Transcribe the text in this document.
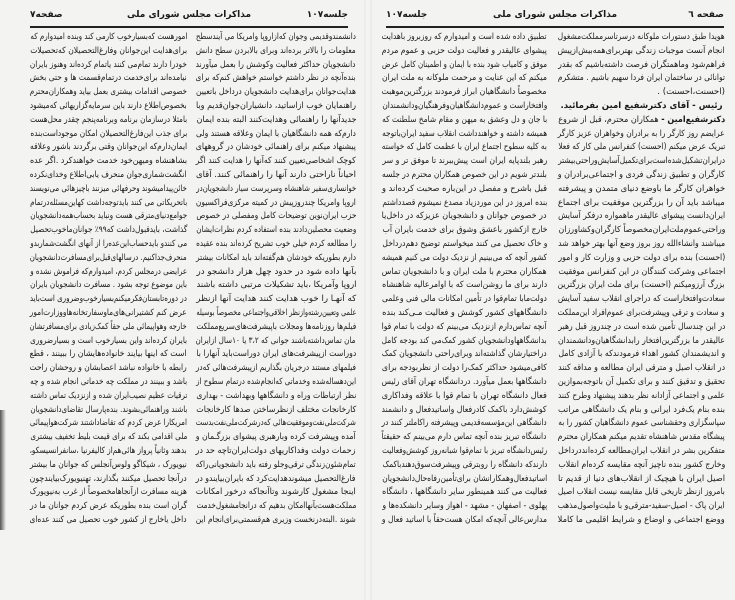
جلسه۱۰۷
مذاکرات مجلس شورای ملی
صفحه۷	صفحه ٦
مذاکرات مجلس شورای ملی
جلسه۱۰۷
امورهست که‌بسیارخوب کارمی کند وبنده امیدوارم که
برای‌هدایت این‌جوانان وفارغ‌التحصیلان که‌تحصیلات
خودرا دارند تمام‌می کنند یاتمام کرده‌اند وهنوز بایران
نیامده‌اند برای‌خدمت درتمام‌قسمت ها و حتی بخش
خصوصی اقدامات بیشتری بعمل بیاید وهمکاران‌محترم
بخصوص‌اطلاع دارند باین سرمایه‌گزاریهائی که‌میشود
بامثلا درسازمان برنامه وبرنامه‌پنجم چقدر محل‌هست
برای جذب این‌فارغ‌التحصیلان امکان موجوداست‌بنده
ایمان‌دارم‌که این‌جوانان وقتی برگردند باشور وعلاقه
بشاهنشاه ومیهن‌خود خدمت خواهندکرد .اگر عده
انگشت‌شماری‌جوان منحرف یابی‌اطلاع وخدای‌نکرده
خائن‌پیدامیشوند وحرفهائی میزنند باچیزهائی می‌نویسند
باتحریکاتی می کنند بایدتوجه‌داشت کهاین‌مسئله‌درتمام
جوامع‌دنیای‌مترقی هست ونباید بحساب‌همه‌دانشجویان
گذاشت، بایدقبول‌داشت که۹۹٪ جوانان‌ماخوب‌تحصیل
می کنندو بایدحساب‌این‌عده‌را از آنهای انگشت‌شماربدو
منحرف‌جداکنیم. درسالهای‌قبل‌برای‌مسافرت‌دانشجویان
عرایضی درمجلس کردم، امیدوارم‌که فراموش نشده و
باین موضوع توجه بشود . مسافرت دانشجویان بایران
در دوره‌تابستان‌فکرمیکنم‌بسیارخوب‌وضروری است‌باید
عرض کنم کشتیرانی‌های‌ماوسفارتخانه‌هاووزارت‌امور
خارجه وهواپیمائی ملی حقاً کمک‌زیادی برای‌مسافرتشان
بایران کرده‌اند واین بسیارخوب است و بسیارضروری
است که اینها بیایند خانواده‌هایشان را ببینند ، قطع
رابطه با خانواده نباشد اعصابشان و روحشان راحت
باشد و ببینند در مملکت چه خدماتی انجام شده و چه
ترقیات عظیم نصیب‌ایران شده و ازنزدیک تماس داشته
باشند وراهنمائی‌بشوند. بنده‌پارسال تقاضای‌دانشجویان
امریکارا عرض کردم که تقاضاداشتند شرکت‌هواپیمائی
ملی اقدامی بکند که برای قیمت بلیط تخفیف بیشتری
بدهند وثانیاً پرواز هائی‌هم‌از کالیفرنیا ،سانفرانسیسکو،
نیویورک ، شیکاگو ولوس‌آنجلس که جوانان ما بیشتر
درآنجا تحصیل میکنند بگذارند، تهنیویورک‌بیایند‌چون
هزینه مسافرت ازآنجاها‌مخصوصاً از غرب به‌نیویورک
گران است بنده بطوریکه عرض کردم جوانان ما در
داخل یاخارج از کشور خوب تحصیل می کنند عده‌ای
دانشمندوقدیمی وجوان که‌ازاروپا وامریکا می آیندسطح
معلومات را بالاتر برده‌اند وبرای بالابردن سطح دانش
دانشجویان حداکثر فعالیت وکوشش را بعمل میآورند
بنده‌آنچه در نظر داشتم خواستم خواهش کنم‌که برای
هدایت‌جوانان برای‌هدایت دانشجویان درداخل باتعیین
راهنمایان خوب ازاساتید، دانشیاران‌جوان‌قدیم وبا
جدیدآنها را راهنمائی وهدایت‌کنند البته بنده ایمان
دارم‌که همه دانشگاهیان با ایمان وعلاقه هستند ولی
پیشنهاد میکنم برای راهنمائی خودشان در گروههای
کوچک اشخاصی‌تعیین کنند که‌آنها را هدایت کنند اگر
احیاناً ناراحتی دارند آنها را راهنمائی کنند. آقای
خوانساری‌سفیر شاهنشاه وسرپرست سیار دانشجویان‌در
اروپا وامریکا چندروزپیش در کمیته مرکزی‌فراکسیون
حزب ایران‌نوین توضیحات کامل ومفصلی در خصوص
وضعیت محصلین‌دادند بنده استفاده کردم نظرات‌ایشان
را مطالعه کردم خیلی خوب تشریح کرده‌اند بنده عقیده
دارم بطوریکه خودشان هم‌گفته‌اند باید امکانات بیشتر
بآنها داده شود در حدود چهل هزار دانشجو در
اروپا وآمریکا ،باید تشکیلات مرتبی داشته باشند
که آنهـا را خوب هدایت کنند هدایت آنها ازنظر
علمی وتعیین‌رشته‌وازنظر اخلاقی‌واجتماعی مخصوصاً بوسیله
فیلم‌ها روزنامه‌ها ومجلات باپیشرفت‌های‌سریع‌مملکت
مان تماس‌داشته‌باشند جوانی که ۳،۲ یا ۱۰سال ازایران
دوراست ازپیشرفت‌های ایران دوراست‌باید آنهارا با
فیلمهای مستند درجریان بگذاریم ازپیشرفت‌هائی که‌در
این‌دهساله‌شده وخدماتی که‌انجام‌شده درتمام سطوح از
نظر ارتباطات وراه و دانشگاهها وبهداشت - بهداری
کارخانجات مختلف ازنظرساختن صدها کارخانجات
شرکت‌ملی‌نفت‌وموفقیت‌هائی که‌درشرکت‌ملی‌نفت‌بدست
آمده وپیشرفت کرده وبارهبری پیشوای بزرگـمان و
زحمات دولت وفداکاریهای دولت‌ایران‌تاچه حد در
تمام‌شئون‌زندگی ترقی‌وجلو رفته باید دانشجویانی‌راکه
فارغ‌التحصیل میشوندهدایت‌کرد که بایران‌بیایند‌و در
اینجا مشغول کارشوند وتاآنجاکه درخور امکانات
مملکت‌هست‌بآنهاامکان بدهیم که درانجامشغول‌خدمت
شوند .البته‌درنخست وزیری هم‌قسمتی‌برای‌انجام این
تطبیق داده شده است و امیدوارم که روزبروز باهدایت
پیشوای عالیقدر و فعالیت دولت حزبی و عموم مردم
موفق و کامیاب شود بنده با ایمان و اطمینان کامل عرض
میکنم که این عنایت و مرحمت ملوکانه به ملت ایران
مخصوصاً دانشگاهیان ابراز فرمودند بزرگترین‌موهبت
وافتخاراست و عموم‌دانشگاهیان‌وفرهنگیان‌ودانشمندان
با جان و دل وعشق به میهن و مقام شامخ سلطنت که
همیشه داشته و خواهندداشت انقلاب سفید ایران‌باتوجه
به کلیه سطوح اجتماع ایران با عظمت کامل که خواسته
رهبر بلندپایه ایران است پیش‌ببرند تا موفق تر و سر
بلندتر شویم در این خصوص همکاران محترم در جلسه
قبل باشرح و مفصل در این‌باره صحبت کرده‌اند و
بنده امروز در این موردزیاد مصدع نمیشوم قصدداشتم
در خصوص جوانان و دانشجویان عزیزکه در داخل‌یا
خارج ازکشور باعشق وشوق برای خدمت بایران آب
و خاک تحصیل می کنند میخواستم توضیح دهم‌درداخل
کشور آنچه که می‌بینیم از نزدیک دولت می کنیم همیشه
همکاران محترم با ملت ایران و با دانشجویان تماس
دارند برای ما روشن‌است که با اوامرعالیه شاهنشاه
دولت‌مابا تمام‌قوا در تأمین امکانات مالی فنی وعلمی
دانشگاههای کشور کوشش و فعالیت مـی‌کند بنده
آنچه تماس‌دارم ازنزدیک می‌بینم که دولت با تمام قوا
بدانشگاهها‌ودانشجویان کشور کمک‌می کند بودجه کامل
دراختیارشان گذاشته‌اند وبرای‌راحتی دانشجویان کمک
کافی‌میشود حداکثر کمک‌را دولت از نظربودجه برای
دانشگاهها بعمل میآورد. دردانشگاه تهران آقای رئیس
فعال دانشگاه تهران با تمام قوا با علاقه وفداکاری
کوشش‌دارد باکمک کادرفعال واساتیدفعال و دانشمند
دانشگاهی این‌مؤسسه‌قدیمی وپیشرفته راکاملتر کنند در
دانشگاه تبریز بنده آنچه تماس دارم می‌بینم که حقیقتاً
رئیس‌دانشگاه تبریز با تمام‌قوا شبانه‌روز کوشش‌وفعالیت
دارند‌که دانشگاه را روبترقی وپیشرفت‌سوق‌دهند‌باکمک
اساتیدفعال‌وهمکارانشان برای‌تأمین‌رفاه‌حال‌دانشجویان
فعالیت می کنند همینطور سایر دانشگاهها ، دانشگاه
پهلوی - اصفهان - مشهد - اهواز وسایر دانشکده‌ها و
مدارس‌عالی آنچه‌که امکان هست‌حقاً با اساتید فعال و
هویدا طبق دستورات ملوکانه درسرتاسرمملکت‌مشغول
انجام آنست موجبات زندگی بهتربرای‌همه‌بیش‌ازپیش
فراهم‌شود وماهمتگران فرصت داشته‌باشیم که بقدر
توانائی در ساختمان ایران فردا سهیم باشیم . متشکرم
(احسنت،احسنت) .
رئیس - آقای دکترشفیع امین بفرمائید.
دکترشفیع‌امین - همکاران محترم، قبل از شروع
عرایضم روز کارگر را به برادران وخواهران عزیز کارگر
تبریک عرض میکنم (احسنت) کنفرانس ملی کار که فعلا
درایران‌تشکیل‌شده‌است‌برای‌تکمیل‌آسایش‌وراحتی‌بیشتر
کارگران و تطبیق زندگی فردی و اجتماعی‌برادران و
خواهران کارگر ما باوضع دنیای متمدن و پیشرفته
میباشد باید آن را بزرگترین موفقیت برای اجتماع
ایران‌دانست پیشوای عالیقدر ماهمواره درفکر آسایش
وراحتی‌عموم‌ملت‌ایران‌مخصوصاً کارگران‌وکشاورزان
میباشند وانشاءالله روز بروز وضع آنها بهتر خواهد شد
(احسنت) بنده برای دولت حزبی و وزارت کار و امور
اجتماعی وشرکت کنندگان در این کنفرانس موفقیت
بزرگ آرزومیکنم (احسنت) برای ملت ایران بزرگترین
سعادت‌وافتخاراست که دراجرای انقلاب سفید آسایش
و سعادت و ترقی وپیشرفت‌برای عموم‌افراد این‌مملکت
در این چندسال تأمین شده است در چندروز قبل رهبر
عالیقدر ما بزرگترین‌افتخار رابدانشگاهیان‌ودانشمندان
و اندیشمندان کشور اهداء فرمودندکه با آزادی کامل
در انقلاب اصیل و مترقی ایران مطالعه و مداقه کنند
تحقیق و تدقیق کنند و برای تکمیل آن باتوجه‌بموازین
علمی و اجتماعی آزادانه نظر بدهند پیشنهاد وطرح کنند
بنده بنام یک‌فرد ایرانی و بنام یک دانشگاهی مراتب
سپاسگزاری وحقشناسی عموم دانشگاهیان کشور را به
پیشگاه مقدس شاهنشاه تقدیم میکنم همکاران محترم
متفکرین بشر در انقلاب ایران‌مطالعه کرده‌اند‌در‌داخل
وخارج کشور بنده ناچیز آنچه مقایسه کرده‌ام انقلاب
اصیل ایران با هیچیک از انقلاب‌های دنیا از قدیم تا
بامروز ازنظر تاریخی قابل مقایسه نیست انقلاب اصیل
ایران پاک - اصیل-سفید-مترقی‌و با ملیت‌واصول‌مذهب
ووضع اجتماعی و اوضاع و شرایط اقلیمی ما کاملا
